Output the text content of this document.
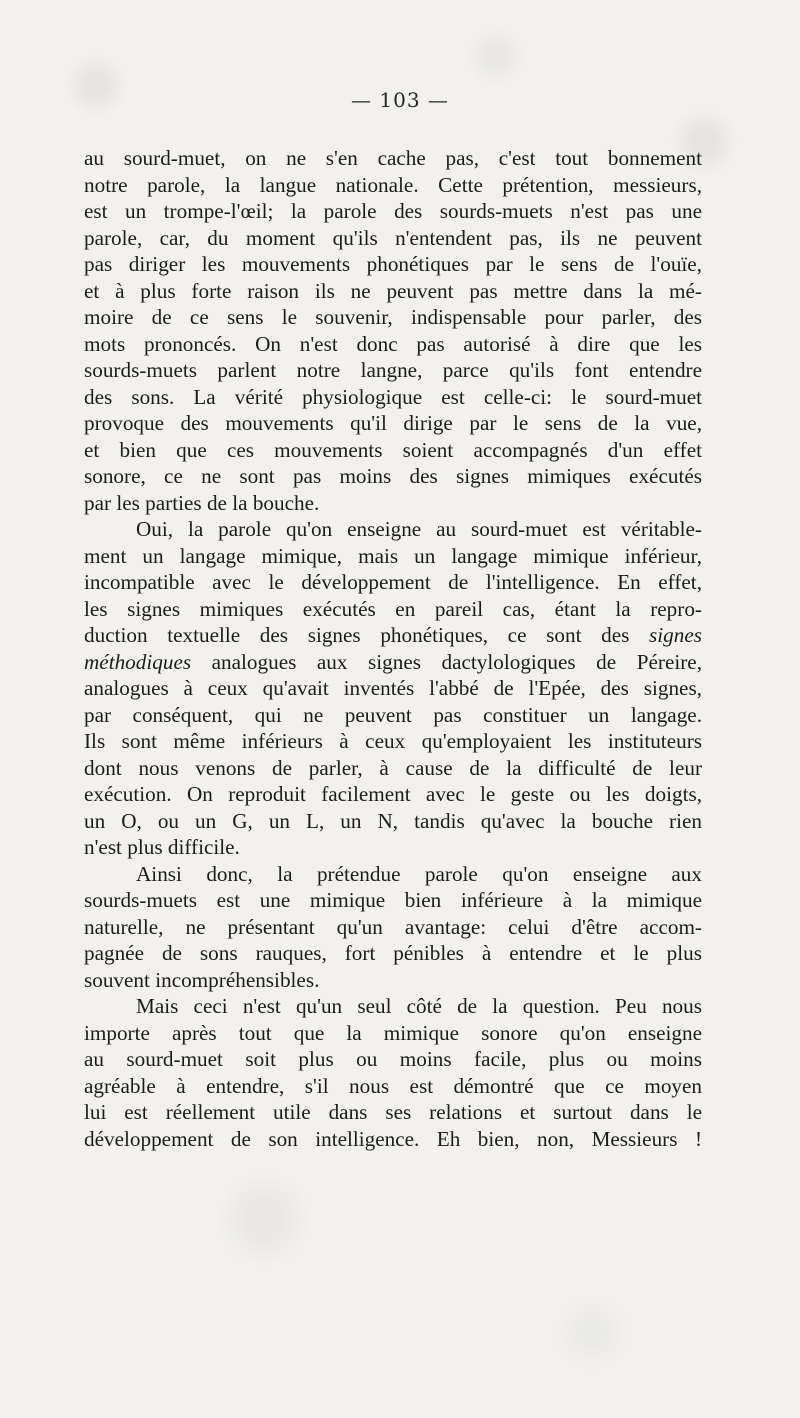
— 103 —
au sourd-muet, on ne s'en cache pas, c'est tout bonnement
notre parole, la langue nationale. Cette prétention, messieurs,
est un trompe-l'œil; la parole des sourds-muets n'est pas une
parole, car, du moment qu'ils n'entendent pas, ils ne peuvent
pas diriger les mouvements phonétiques par le sens de l'ouïe,
et à plus forte raison ils ne peuvent pas mettre dans la mé-
moire de ce sens le souvenir, indispensable pour parler, des
mots prononcés. On n'est donc pas autorisé à dire que les
sourds-muets parlent notre langne, parce qu'ils font entendre
des sons. La vérité physiologique est celle-ci: le sourd-muet
provoque des mouvements qu'il dirige par le sens de la vue,
et bien que ces mouvements soient accompagnés d'un effet
sonore, ce ne sont pas moins des signes mimiques exécutés
par les parties de la bouche.
Oui, la parole qu'on enseigne au sourd-muet est véritable-
ment un langage mimique, mais un langage mimique inférieur,
incompatible avec le développement de l'intelligence. En effet,
les signes mimiques exécutés en pareil cas, étant la repro-
duction textuelle des signes phonétiques, ce sont des signes
méthodiques analogues aux signes dactylologiques de Péreire,
analogues à ceux qu'avait inventés l'abbé de l'Epée, des signes,
par conséquent, qui ne peuvent pas constituer un langage.
Ils sont même inférieurs à ceux qu'employaient les instituteurs
dont nous venons de parler, à cause de la difficulté de leur
exécution. On reproduit facilement avec le geste ou les doigts,
un O, ou un G, un L, un N, tandis qu'avec la bouche rien
n'est plus difficile.
Ainsi donc, la prétendue parole qu'on enseigne aux
sourds-muets est une mimique bien inférieure à la mimique
naturelle, ne présentant qu'un avantage: celui d'être accom-
pagnée de sons rauques, fort pénibles à entendre et le plus
souvent incompréhensibles.
Mais ceci n'est qu'un seul côté de la question. Peu nous
importe après tout que la mimique sonore qu'on enseigne
au sourd-muet soit plus ou moins facile, plus ou moins
agréable à entendre, s'il nous est démontré que ce moyen
lui est réellement utile dans ses relations et surtout dans le
développement de son intelligence. Eh bien, non, Messieurs !
